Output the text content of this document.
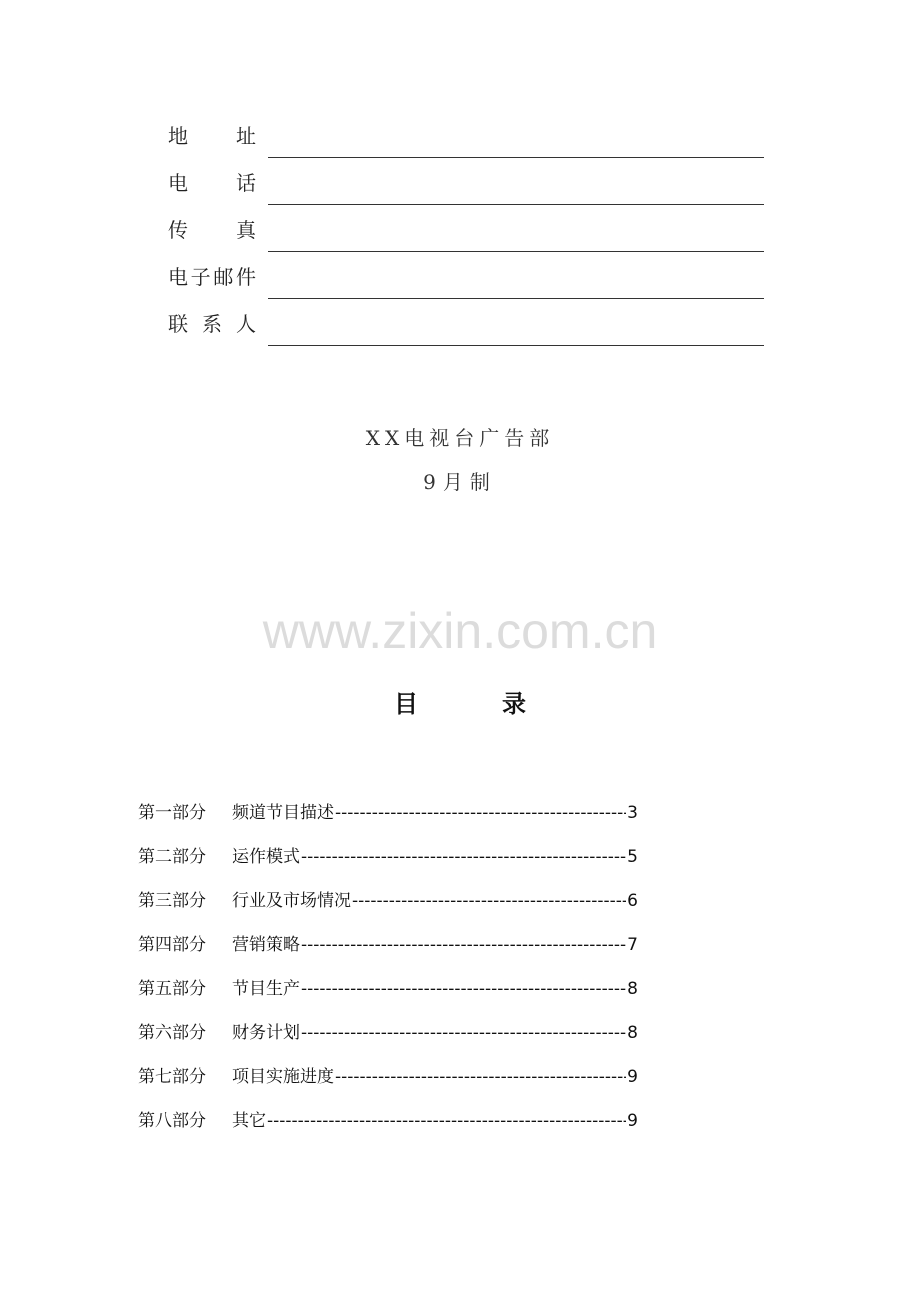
地　　址
电　　话
传　　真
电子邮件
联 系 人
XX电视台广告部
9月制
www.zixin.com.cn
目录
第一部分	频道节目描述 -----	3
第二部分	运作模式 -----	5
第三部分	行业及市场情况 -----	6
第四部分	营销策略 -----	7
第五部分	节目生产 -----	8
第六部分	财务计划 -----	8
第七部分	项目实施进度 -----	9
第八部分	其它 -----	9
